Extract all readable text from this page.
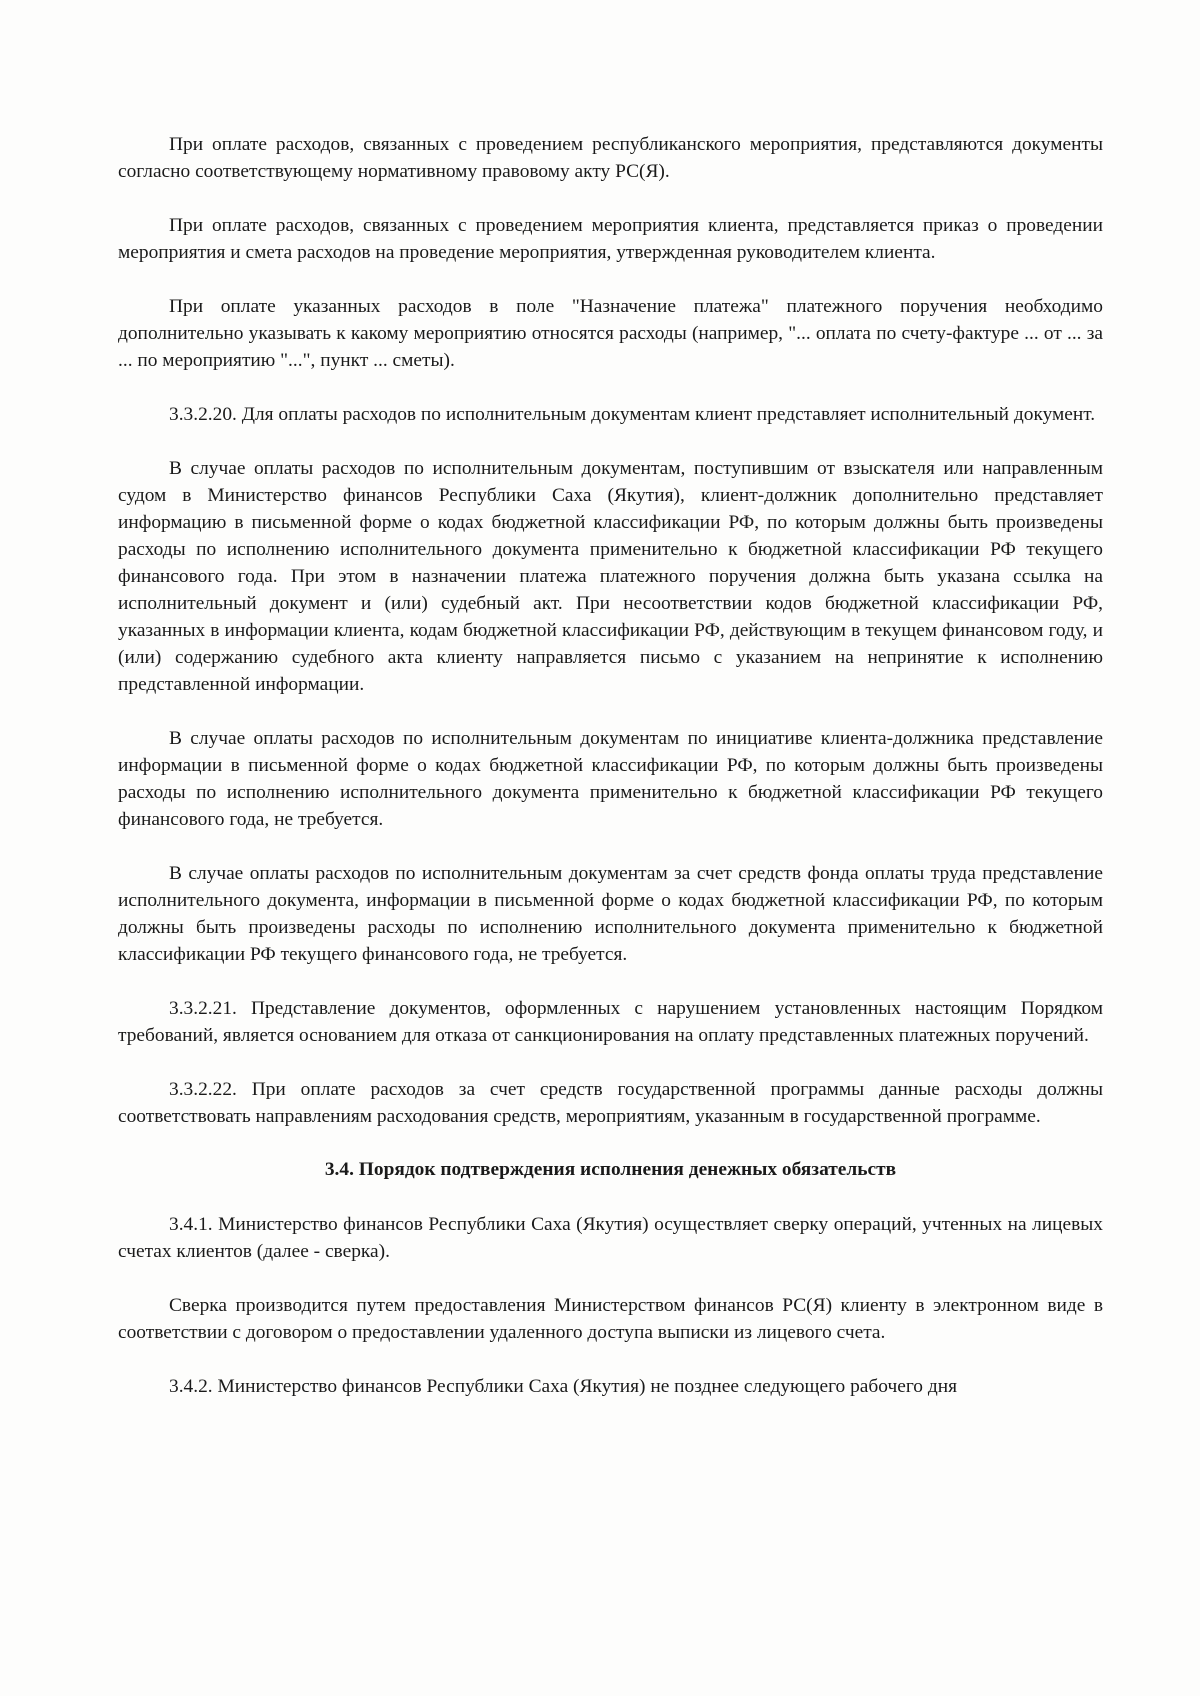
При оплате расходов, связанных с проведением республиканского мероприятия, представляются документы согласно соответствующему нормативному правовому акту РС(Я).

При оплате расходов, связанных с проведением мероприятия клиента, представляется приказ о проведении мероприятия и смета расходов на проведение мероприятия, утвержденная руководителем клиента.

При оплате указанных расходов в поле "Назначение платежа" платежного поручения необходимо дополнительно указывать к какому мероприятию относятся расходы (например, "... оплата по счету-фактуре ... от ... за ... по мероприятию "...", пункт ... сметы).

3.3.2.20. Для оплаты расходов по исполнительным документам клиент представляет исполнительный документ.

В случае оплаты расходов по исполнительным документам, поступившим от взыскателя или направленным судом в Министерство финансов Республики Саха (Якутия), клиент-должник дополнительно представляет информацию в письменной форме о кодах бюджетной классификации РФ, по которым должны быть произведены расходы по исполнению исполнительного документа применительно к бюджетной классификации РФ текущего финансового года. При этом в назначении платежа платежного поручения должна быть указана ссылка на исполнительный документ и (или) судебный акт. При несоответствии кодов бюджетной классификации РФ, указанных в информации клиента, кодам бюджетной классификации РФ, действующим в текущем финансовом году, и (или) содержанию судебного акта клиенту направляется письмо с указанием на непринятие к исполнению представленной информации.

В случае оплаты расходов по исполнительным документам по инициативе клиента-должника представление информации в письменной форме о кодах бюджетной классификации РФ, по которым должны быть произведены расходы по исполнению исполнительного документа применительно к бюджетной классификации РФ текущего финансового года, не требуется.

В случае оплаты расходов по исполнительным документам за счет средств фонда оплаты труда представление исполнительного документа, информации в письменной форме о кодах бюджетной классификации РФ, по которым должны быть произведены расходы по исполнению исполнительного документа применительно к бюджетной классификации РФ текущего финансового года, не требуется.

3.3.2.21. Представление документов, оформленных с нарушением установленных настоящим Порядком требований, является основанием для отказа от санкционирования на оплату представленных платежных поручений.

3.3.2.22. При оплате расходов за счет средств государственной программы данные расходы должны соответствовать направлениям расходования средств, мероприятиям, указанным в государственной программе.

3.4. Порядок подтверждения исполнения денежных обязательств

3.4.1. Министерство финансов Республики Саха (Якутия) осуществляет сверку операций, учтенных на лицевых счетах клиентов (далее - сверка).

Сверка производится путем предоставления Министерством финансов РС(Я) клиенту в электронном виде в соответствии с договором о предоставлении удаленного доступа выписки из лицевого счета.

3.4.2. Министерство финансов Республики Саха (Якутия) не позднее следующего рабочего дня
